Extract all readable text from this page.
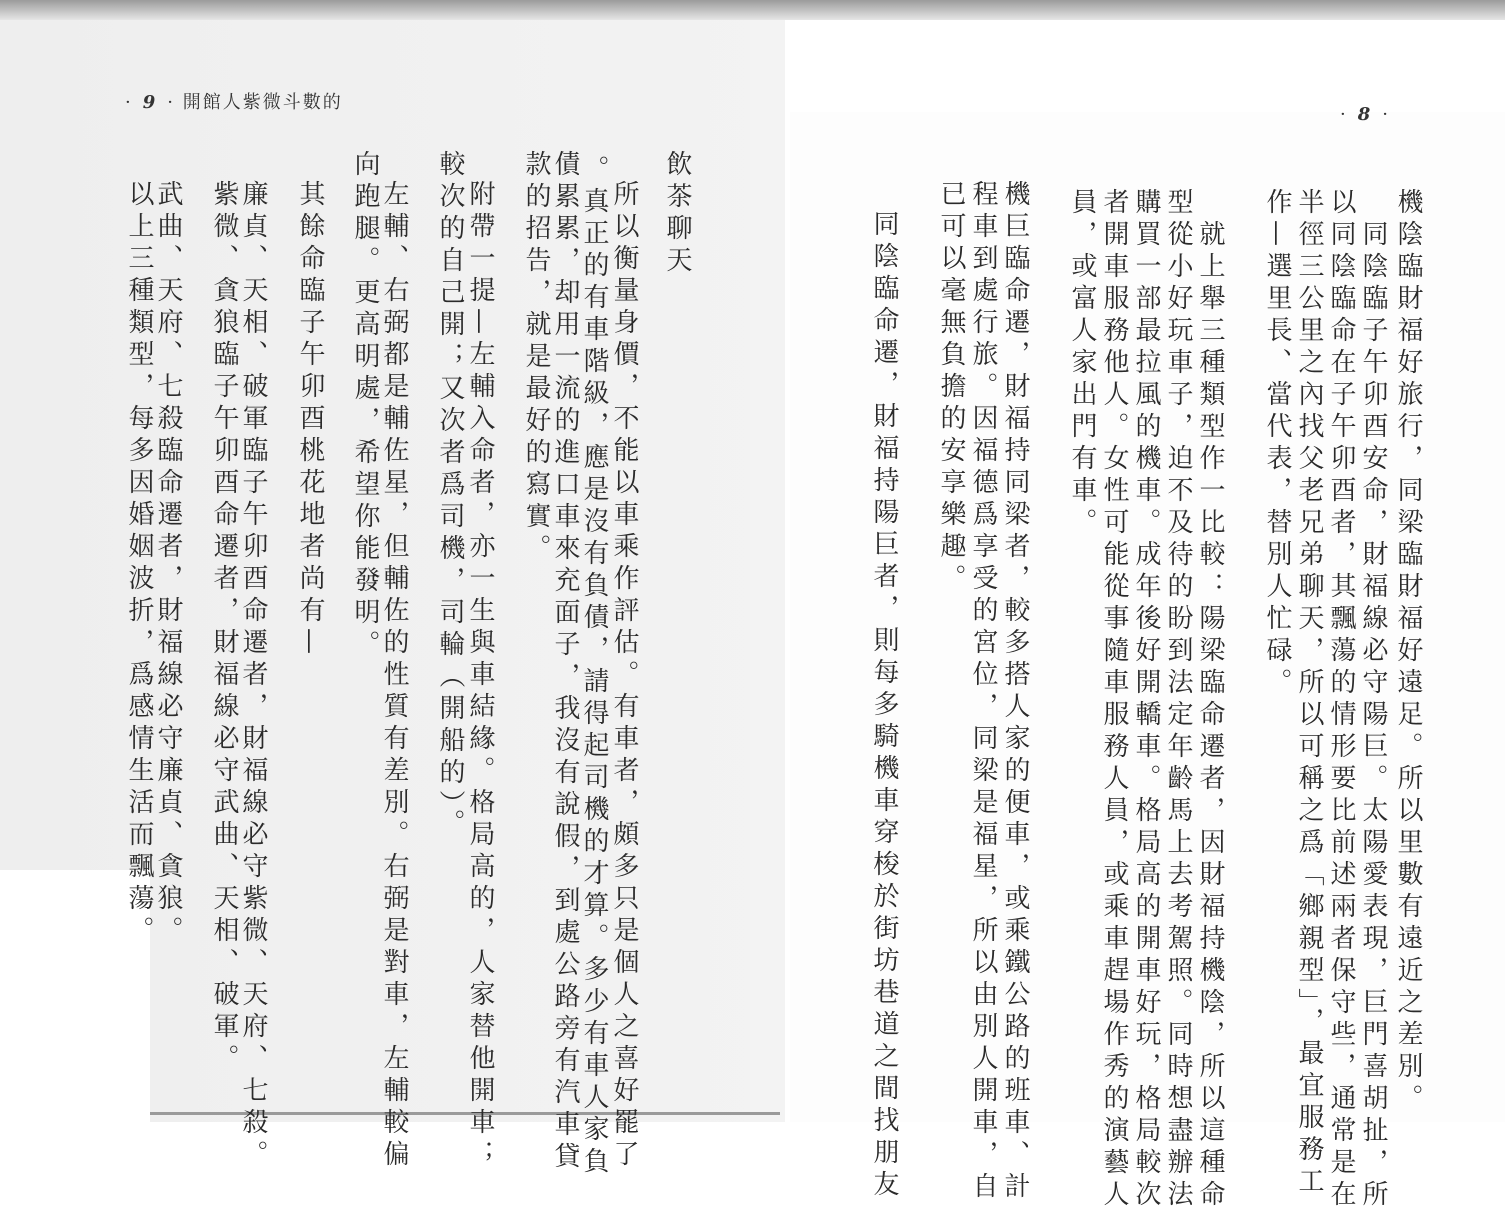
· 9 · 開館人紫微斗數的
· 8 ·
飲茶聊天
所以衡量身價，不能以車乘作評估。有車者，頗多只是個人之喜好罷了
。真正的有車階級，應是沒有負債，請得起司機的才算。多少有車人家負
債累累，却用一流的進口車來充面子，我沒有說假，到處公路旁有汽車貸
款的招告，就是最好的寫實。
附帶一提—左輔入命者，亦一生與車結緣。格局高的，人家替他開車；
較次的自己開；又次者爲司機，司輪（開船的）。
左輔、右弼都是輔佐星，但輔佐的性質有差別。右弼是對車，左輔較偏
向跑腿。更高明處，希望你能發明。
其餘命臨子午卯酉桃花地者尚有—
廉貞、天相、破軍臨子午卯酉命遷者，財福線必守紫微、天府、七殺。
紫微、貪狼臨子午卯酉命遷者，財福線必守武曲、天相、破軍。
武曲、天府、七殺臨命遷者，財福線必守廉貞、貪狼。
以上三種類型，每多因婚姻波折，爲感情生活而飄蕩。	機陰臨財福好旅行，同梁臨財福好遠足。所以里數有遠近之差別。
同陰臨子午卯酉安命，財福線必守陽巨。太陽愛表現，巨門喜胡扯，所
以同陰臨命在子午卯酉者，其飄蕩的情形要比前述兩者保守些，通常是在
半徑三公里之內找父老兄弟聊天，所以可稱之爲「鄉親型」，最宜服務工
作—選里長、當代表，替別人忙碌。
就上舉三種類型作一比較：陽梁臨命遷者，因財福持機陰，所以這種命
型從小好玩車子，迫不及待的盼到法定年齡馬上去考駕照。同時想盡辦法
購買一部最拉風的機車。成年後好開轎車。格局高的開車好玩，格局較次
者開車服務他人。女性可能從事隨車服務人員，或乘車趕場作秀的演藝人
員，或富人家出門有車。
機巨臨命遷，財福持同梁者，較多搭人家的便車，或乘鐵公路的班車、計
程車到處行旅。因福德爲享受的宮位，同梁是福星，所以由別人開車，自
已可以毫無負擔的安享樂趣。
同陰臨命遷，財福持陽巨者，則每多騎機車穿梭於街坊巷道之間找朋友
